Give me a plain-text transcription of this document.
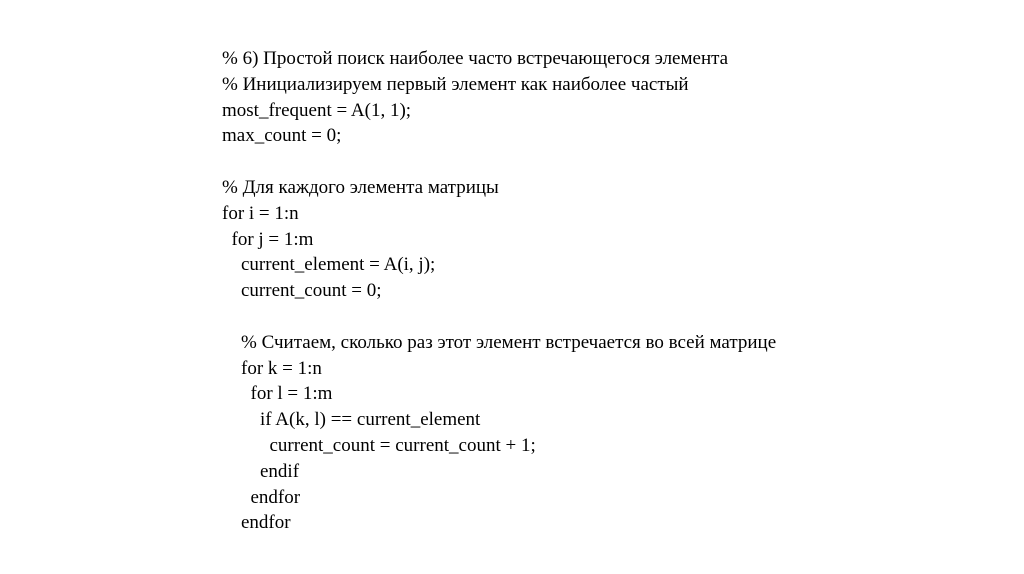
% 6) Простой поиск наиболее часто встречающегося элемента
% Инициализируем первый элемент как наиболее частый
most_frequent = A(1, 1);
max_count = 0;
% Для каждого элемента матрицы
for i = 1:n
for j = 1:m
current_element = A(i, j);
current_count = 0;
% Считаем, сколько раз этот элемент встречается во всей матрице
for k = 1:n
for l = 1:m
if A(k, l) == current_element
current_count = current_count + 1;
endif
endfor
endfor
